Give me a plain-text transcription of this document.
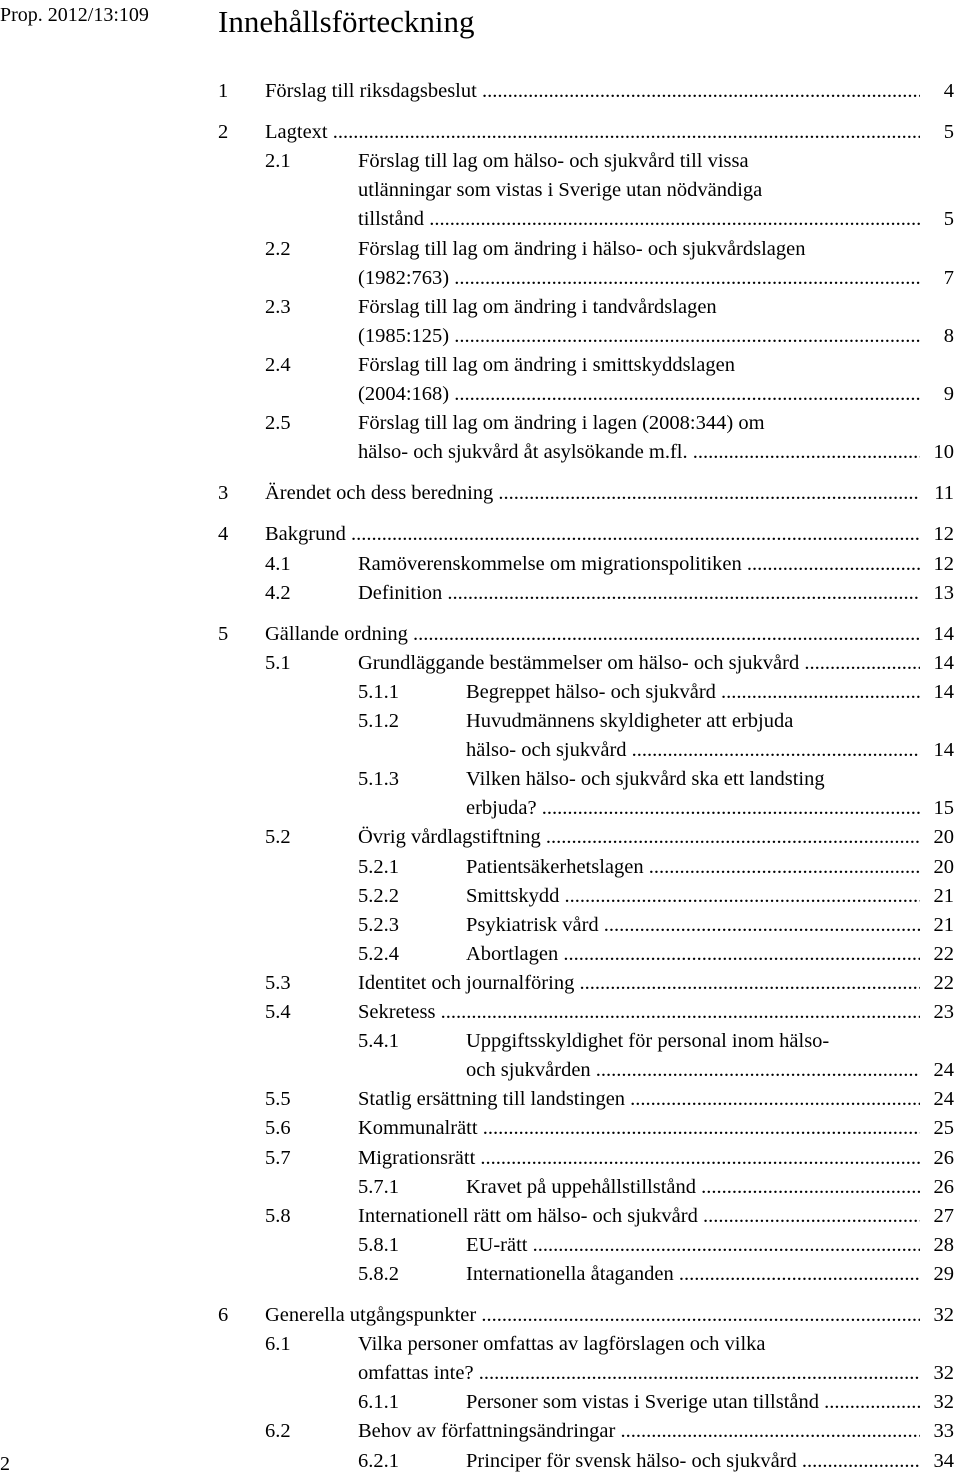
Prop. 2012/13:109 Innehållsförteckning
1 Förslag till riksdagsbeslut .....	4
2 Lagtext .....	5
2.1	Förslag till lag om hälso- och sjukvård till vissa
utlänningar som vistas i Sverige utan nödvändiga
tillstånd .....	5
2.2	Förslag till lag om ändring i hälso- och sjukvårdslagen
(1982:763) .....	7
2.3	Förslag till lag om ändring i tandvårdslagen
(1985:125) .....	8
2.4	Förslag till lag om ändring i smittskyddslagen
(2004:168) .....	9
2.5	Förslag till lag om ändring i lagen (2008:344) om
hälso- och sjukvård åt asylsökande m.fl. .....	10
3 Ärendet och dess beredning .....	11
4 Bakgrund .....	12
4.1	Ramöverenskommelse om migrationspolitiken .....	12
4.2	Definition .....	13
5 Gällande ordning .....	14
5.1	Grundläggande bestämmelser om hälso- och sjukvård .....	14
5.1.1	Begreppet hälso- och sjukvård .....	14
5.1.2	Huvudmännens skyldigheter att erbjuda
hälso- och sjukvård .....	14
5.1.3	Vilken hälso- och sjukvård ska ett landsting
erbjuda? .....	15
5.2	Övrig vårdlagstiftning .....	20
5.2.1	Patientsäkerhetslagen .....	20
5.2.2	Smittskydd .....	21
5.2.3	Psykiatrisk vård .....	21
5.2.4	Abortlagen .....	22
5.3	Identitet och journalföring .....	22
5.4	Sekretess .....	23
5.4.1	Uppgiftsskyldighet för personal inom hälso-
och sjukvården .....	24
5.5	Statlig ersättning till landstingen .....	24
5.6	Kommunalrätt .....	25
5.7	Migrationsrätt .....	26
5.7.1	Kravet på uppehållstillstånd .....	26
5.8	Internationell rätt om hälso- och sjukvård .....	27
5.8.1	EU-rätt .....	28
5.8.2	Internationella åtaganden .....	29
6 Generella utgångspunkter .....	32
6.1	Vilka personer omfattas av lagförslagen och vilka
omfattas inte? .....	32
6.1.1	Personer som vistas i Sverige utan tillstånd .....	32
6.2	Behov av författningsändringar .....	33
6.2.1	Principer för svensk hälso- och sjukvård .....	34
2
